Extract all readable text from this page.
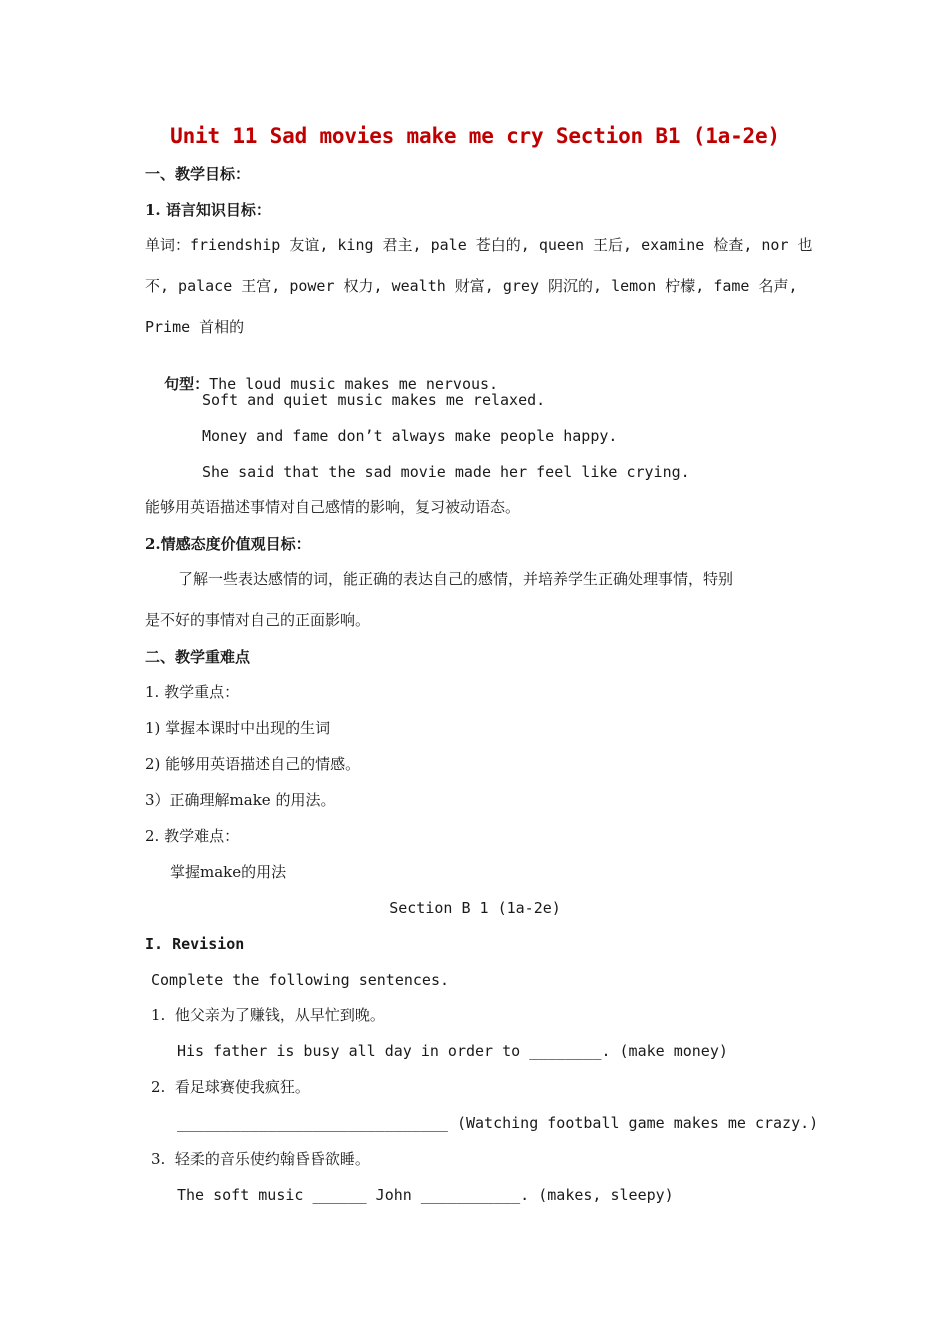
Unit 11 Sad movies make me cry Section B1 (1a-2e)
一、教学目标：
1. 语言知识目标：
单词：friendship 友谊, king 君主, pale 苍白的, queen 王后, examine 检查, nor 也
不, palace 王宫, power 权力, wealth 财富, grey 阴沉的, lemon 柠檬, fame 名声,
Prime 首相的

句型：The loud music makes me nervous.

Soft and quiet music makes me relaxed.
Money and fame don’t always make people happy.
She said that the sad movie made her feel like crying.
能够用英语描述事情对自己感情的影响，复习被动语态。
2.情感态度价值观目标：
了解一些表达感情的词，能正确的表达自己的感情，并培养学生正确处理事情，特别
是不好的事情对自己的正面影响。
二、教学重难点
1. 教学重点：
1) 掌握本课时中出现的生词
2) 能够用英语描述自己的情感。
3）正确理解make 的用法。
2. 教学难点：
掌握make的用法
Section B 1 (1a-2e)
I. Revision
Complete the following sentences.
1.  他父亲为了赚钱，从早忙到晚。
His father is busy all day in order to ________. (make money)
2.  看足球赛使我疯狂。
______________________________ (Watching football game makes me crazy.)
3.  轻柔的音乐使约翰昏昏欲睡。
The soft music ______ John ___________. (makes, sleepy)
